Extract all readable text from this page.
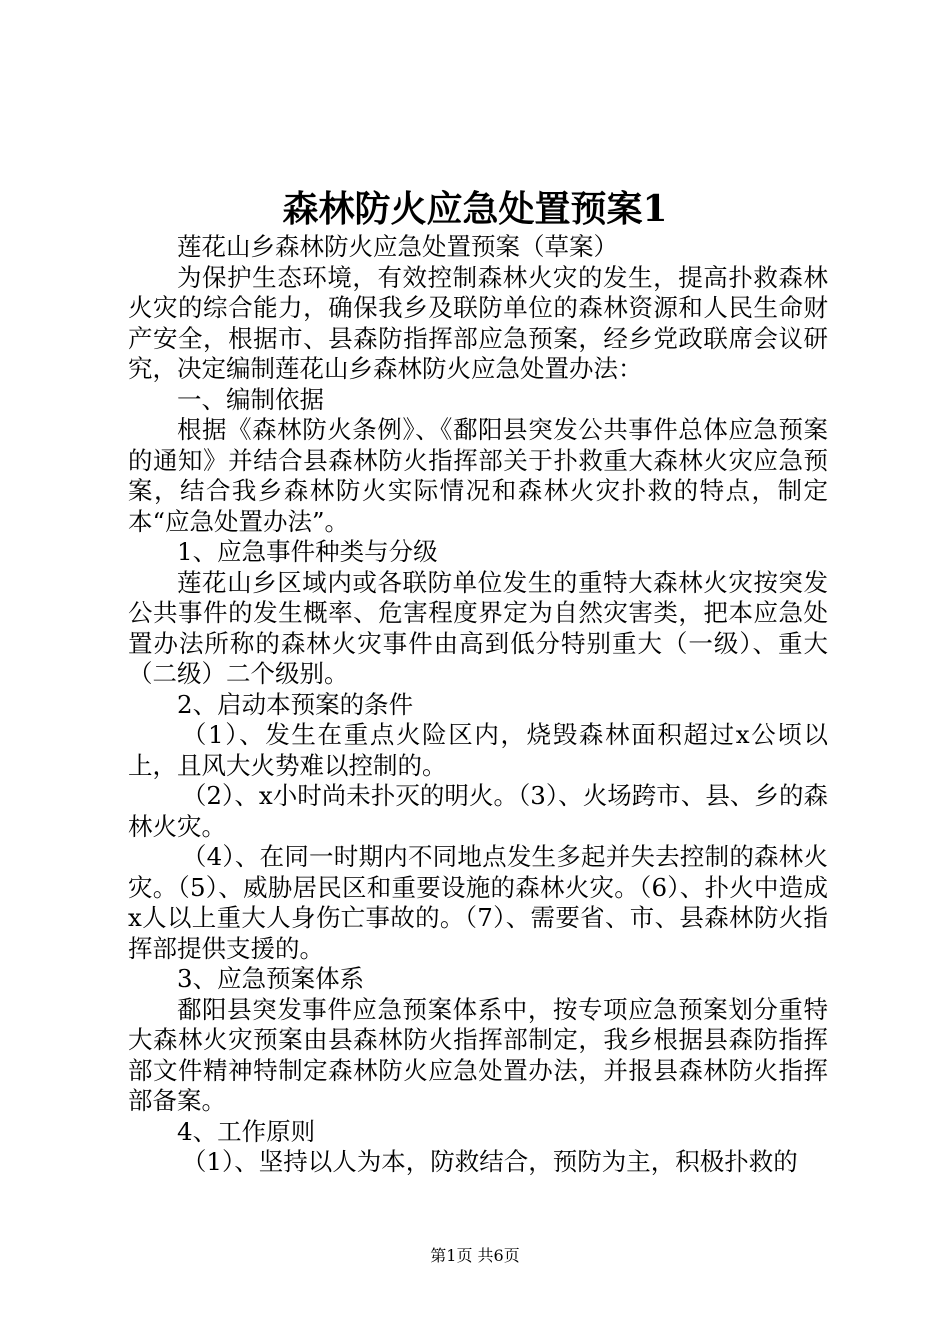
森林防火应急处置预案1

莲花山乡森林防火应急处置预案（草案）

为保护生态环境，有效控制森林火灾的发生，提高扑救森林火灾的综合能力，确保我乡及联防单位的森林资源和人民生命财产安全，根据市、县森防指挥部应急预案，经乡党政联席会议研究，决定编制莲花山乡森林防火应急处置办法：

一、编制依据

根据《森林防火条例》、《鄱阳县突发公共事件总体应急预案的通知》并结合县森林防火指挥部关于扑救重大森林火灾应急预案，结合我乡森林防火实际情况和森林火灾扑救的特点，制定本“应急处置办法”。

1、应急事件种类与分级

莲花山乡区域内或各联防单位发生的重特大森林火灾按突发公共事件的发生概率、危害程度界定为自然灾害类，把本应急处置办法所称的森林火灾事件由高到低分特别重大（一级）、重大（二级）二个级别。

2、启动本预案的条件

（1）、发生在重点火险区内，烧毁森林面积超过x公顷以上，且风大火势难以控制的。

（2）、x小时尚未扑灭的明火。（3）、火场跨市、县、乡的森林火灾。

（4）、在同一时期内不同地点发生多起并失去控制的森林火灾。（5）、威胁居民区和重要设施的森林火灾。（6）、扑火中造成x人以上重大人身伤亡事故的。（7）、需要省、市、县森林防火指挥部提供支援的。

3、应急预案体系

鄱阳县突发事件应急预案体系中，按专项应急预案划分重特大森林火灾预案由县森林防火指挥部制定，我乡根据县森防指挥部文件精神特制定森林防火应急处置办法，并报县森林防火指挥部备案。

4、工作原则

（1）、坚持以人为本，防救结合，预防为主，积极扑救的

第1页 共6页
